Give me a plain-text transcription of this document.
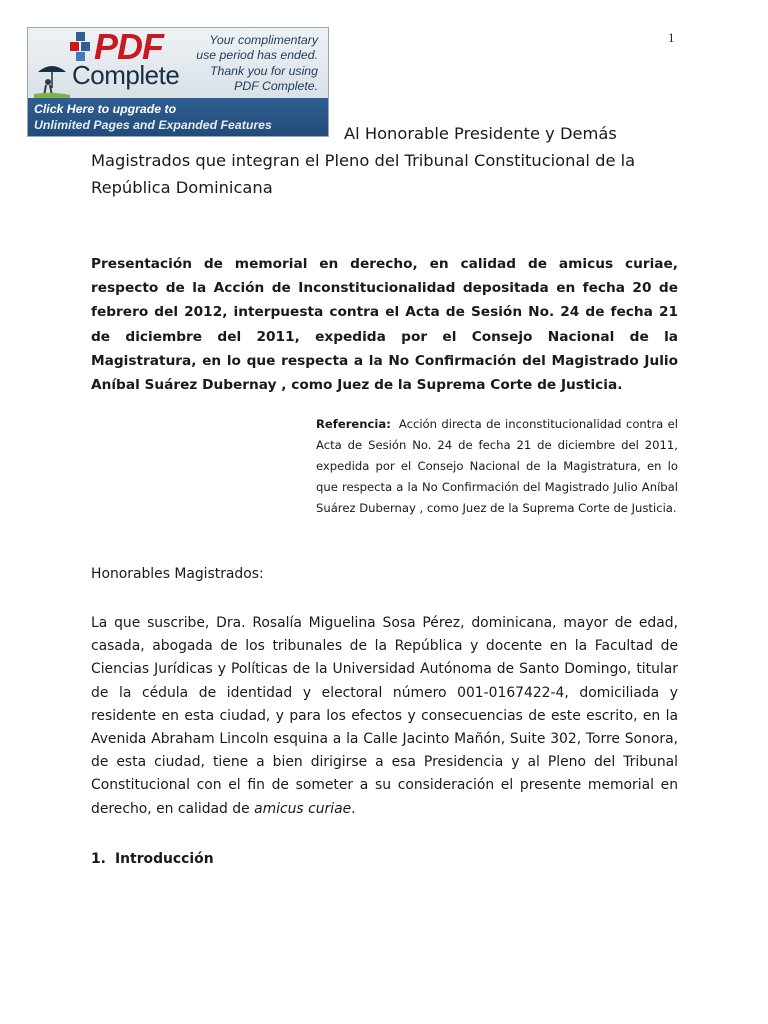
1
PDF
Complete
Your complimentary
use period has ended.
Thank you for using
PDF Complete.
Click Here to upgrade to
Unlimited Pages and Expanded Features	Al Honorable Presidente y Demás
Magistrados que integran el Pleno del Tribunal Constitucional de la
República Dominicana
Presentación de memorial en derecho, en calidad de amicus curiae, respecto de la Acción de Inconstitucionalidad depositada en fecha 20 de febrero del 2012, interpuesta contra el Acta de Sesión No. 24 de fecha 21 de diciembre del 2011, expedida por el Consejo Nacional de la Magistratura, en lo que respecta a la No Confirmación del Magistrado Julio Aníbal Suárez Dubernay , como Juez de la Suprema Corte de Justicia.
Referencia: Acción directa de inconstitucionalidad contra el Acta de Sesión No. 24 de fecha 21 de diciembre del 2011, expedida por el Consejo Nacional de la Magistratura, en lo que respecta a la No Confirmación del Magistrado Julio Aníbal Suárez Dubernay , como Juez de la Suprema Corte de Justicia.
Honorables Magistrados:
La que suscribe, Dra. Rosalía Miguelina Sosa Pérez, dominicana, mayor de edad, casada, abogada de los tribunales de la República y docente en la Facultad de Ciencias Jurídicas y Políticas de la Universidad Autónoma de Santo Domingo, titular de la cédula de identidad y electoral número 001-0167422-4, domiciliada y residente en esta ciudad, y para los efectos y consecuencias de este escrito, en la Avenida Abraham Lincoln esquina a la Calle Jacinto Mañón, Suite 302, Torre Sonora, de esta ciudad, tiene a bien dirigirse a esa Presidencia y al Pleno del Tribunal Constitucional con el fin de someter a su consideración el presente memorial en derecho, en calidad de amicus curiae.
1. Introducción
